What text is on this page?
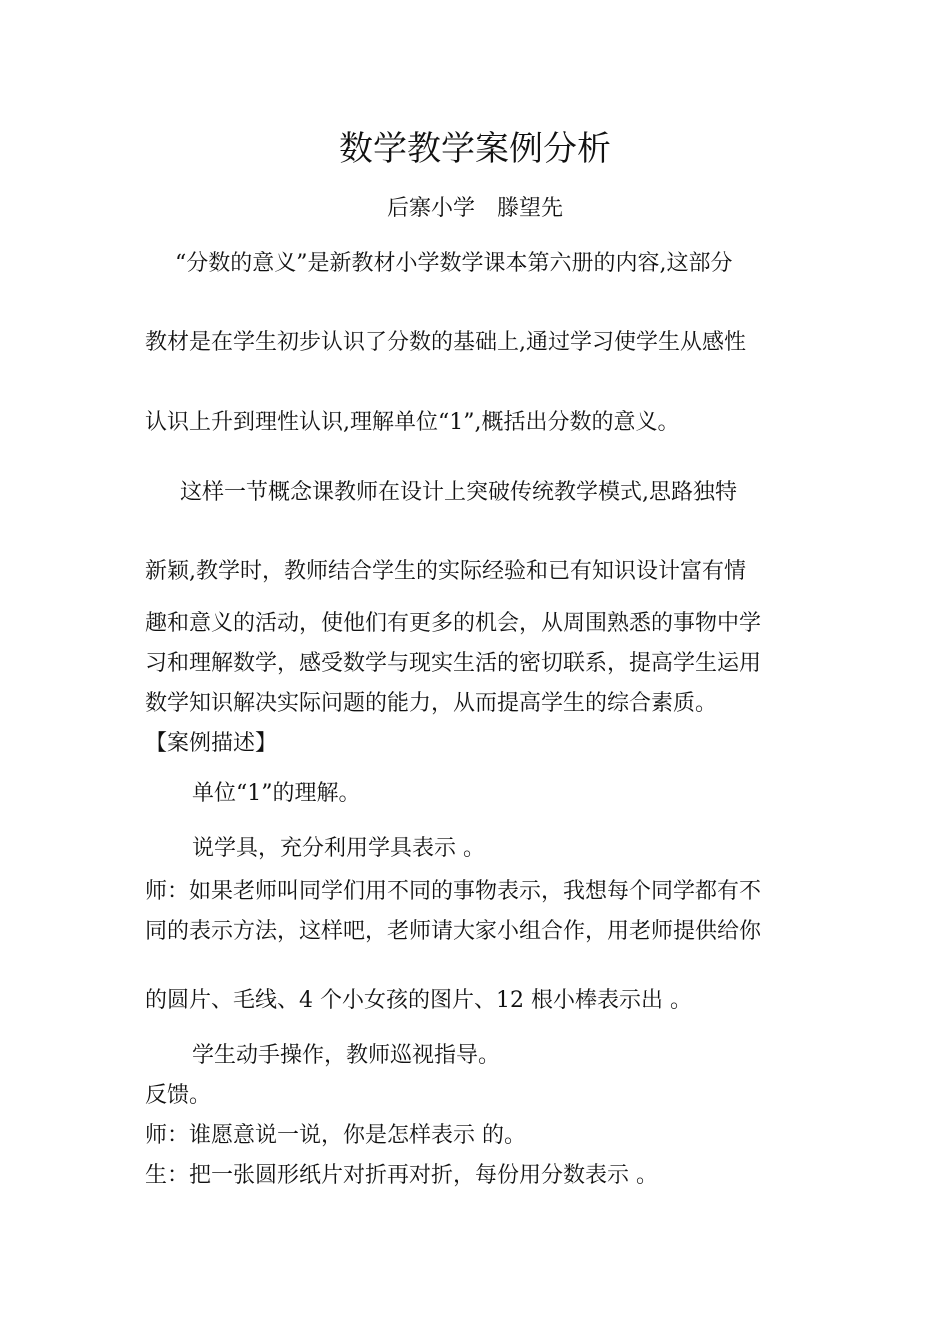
数学教学案例分析
后寨小学　滕望先
“分数的意义”是新教材小学数学课本第六册的内容,这部分
教材是在学生初步认识了分数的基础上,通过学习使学生从感性
认识上升到理性认识,理解单位“1”,概括出分数的意义。
这样一节概念课教师在设计上突破传统教学模式,思路独特
新颖,教学时，教师结合学生的实际经验和已有知识设计富有情
趣和意义的活动，使他们有更多的机会，从周围熟悉的事物中学
习和理解数学，感受数学与现实生活的密切联系，提高学生运用
数学知识解决实际问题的能力，从而提高学生的综合素质。
【案例描述】
单位“1”的理解。
说学具，充分利用学具表示 。
师：如果老师叫同学们用不同的事物表示，我想每个同学都有不
同的表示方法，这样吧，老师请大家小组合作，用老师提供给你
的圆片、毛线、4 个小女孩的图片、12 根小棒表示出 。
学生动手操作，教师巡视指导。
反馈。
师：谁愿意说一说，你是怎样表示 的。
生：把一张圆形纸片对折再对折，每份用分数表示 。
